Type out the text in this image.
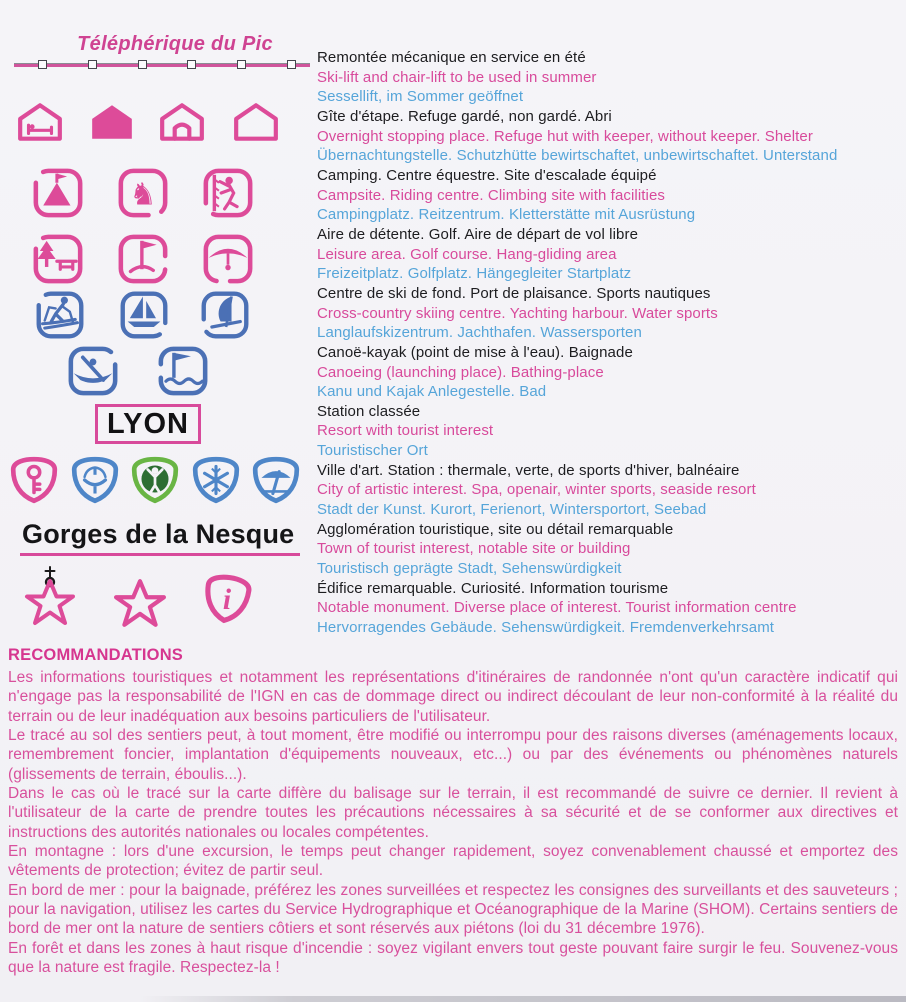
Téléphérique du Pic
♞
LYON
Gorges de la Nesque
i

Remontée mécanique en service en été

Ski-lift and chair-lift to be used in summer

Sessellift, im Sommer geöffnet

Gîte d'étape. Refuge gardé, non gardé. Abri

Overnight stopping place. Refuge hut with keeper, without keeper. Shelter

Übernachtungstelle. Schutzhütte bewirtschaftet, unbewirtschaftet. Unterstand

Camping. Centre équestre. Site d'escalade équipé

Campsite. Riding centre. Climbing site with facilities

Campingplatz. Reitzentrum. Kletterstätte mit Ausrüstung

Aire de détente. Golf. Aire de départ de vol libre

Leisure area. Golf course. Hang-gliding area

Freizeitplatz. Golfplatz. Hängegleiter Startplatz

Centre de ski de fond. Port de plaisance. Sports nautiques

Cross-country skiing centre. Yachting harbour. Water sports

Langlaufskizentrum. Jachthafen. Wassersporten

Canoë-kayak (point de mise à l'eau). Baignade

Canoeing (launching place). Bathing-place

Kanu und Kajak Anlegestelle. Bad

Station classée

Resort with tourist interest

Touristischer Ort

Ville d'art. Station : thermale, verte, de sports d'hiver, balnéaire

City of artistic interest. Spa, openair, winter sports, seaside resort

Stadt der Kunst. Kurort, Ferienort, Wintersportort, Seebad

Agglomération touristique, site ou détail remarquable

Town of tourist interest, notable site or building

Touristisch geprägte Stadt, Sehenswürdigkeit

Édifice remarquable. Curiosité. Information tourisme

Notable monument. Diverse place of interest. Tourist information centre

Hervorragendes Gebäude. Sehenswürdigkeit. Fremdenverkehrsamt

RECOMMANDATIONS

Les informations touristiques et notamment les représentations d'itinéraires de randonnée n'ont qu'un caractère indicatif qui n'engage pas la responsabilité de l'IGN en cas de dommage direct ou indirect découlant de leur non-conformité à la réalité du terrain ou de leur inadéquation aux besoins particuliers de l'utilisateur.

Le tracé au sol des sentiers peut, à tout moment, être modifié ou interrompu pour des raisons diverses (aménagements locaux, remembrement foncier, implantation d'équipements nouveaux, etc...) ou par des événements ou phénomènes naturels (glissements de terrain, éboulis...).

Dans le cas où le tracé sur la carte diffère du balisage sur le terrain, il est recommandé de suivre ce dernier. Il revient à l'utilisateur de la carte de prendre toutes les précautions nécessaires à sa sécurité et de se conformer aux directives et instructions des autorités nationales ou locales compétentes.

En montagne : lors d'une excursion, le temps peut changer rapidement, soyez convenablement chaussé et emportez des vêtements de protection; évitez de partir seul.

En bord de mer : pour la baignade, préférez les zones surveillées et respectez les consignes des surveillants et des sauveteurs ; pour la navigation, utilisez les cartes du Service Hydrographique et Océanographique de la Marine (SHOM). Certains sentiers de bord de mer ont la nature de sentiers côtiers et sont réservés aux piétons (loi du 31 décembre 1976).

En forêt et dans les zones à haut risque d'incendie : soyez vigilant envers tout geste pouvant faire surgir le feu. Souvenez-vous que la nature est fragile. Respectez-la !
